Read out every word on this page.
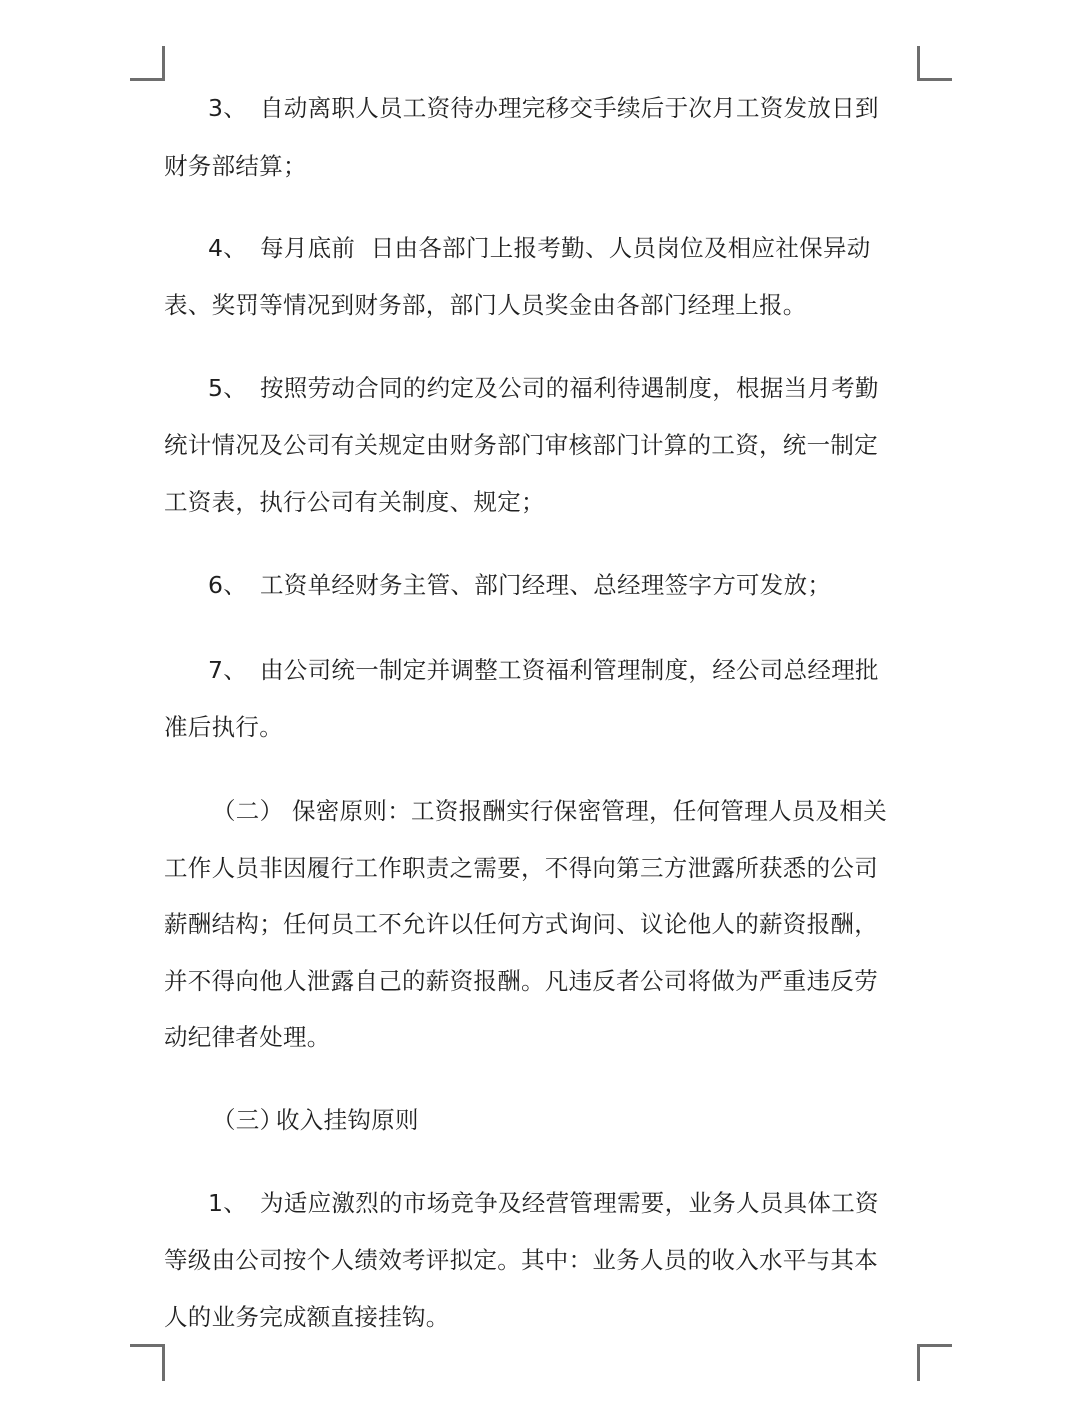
3、 自动离职人员工资待办理完移交手续后于次月工资发放日到
财务部结算；
4、 每月底前  日由各部门上报考勤、人员岗位及相应社保异动
表、奖罚等情况到财务部，部门人员奖金由各部门经理上报。
5、 按照劳动合同的约定及公司的福利待遇制度，根据当月考勤
统计情况及公司有关规定由财务部门审核部门计算的工资，统一制定
工资表，执行公司有关制度、规定；
6、 工资单经财务主管、部门经理、总经理签字方可发放；
7、 由公司统一制定并调整工资福利管理制度，经公司总经理批
准后执行。
（二） 保密原则：工资报酬实行保密管理，任何管理人员及相关
工作人员非因履行工作职责之需要，不得向第三方泄露所获悉的公司
薪酬结构；任何员工不允许以任何方式询问、议论他人的薪资报酬，
并不得向他人泄露自己的薪资报酬。凡违反者公司将做为严重违反劳
动纪律者处理。
（三）收入挂钩原则
1、 为适应激烈的市场竞争及经营管理需要，业务人员具体工资
等级由公司按个人绩效考评拟定。其中：业务人员的收入水平与其本
人的业务完成额直接挂钩。
